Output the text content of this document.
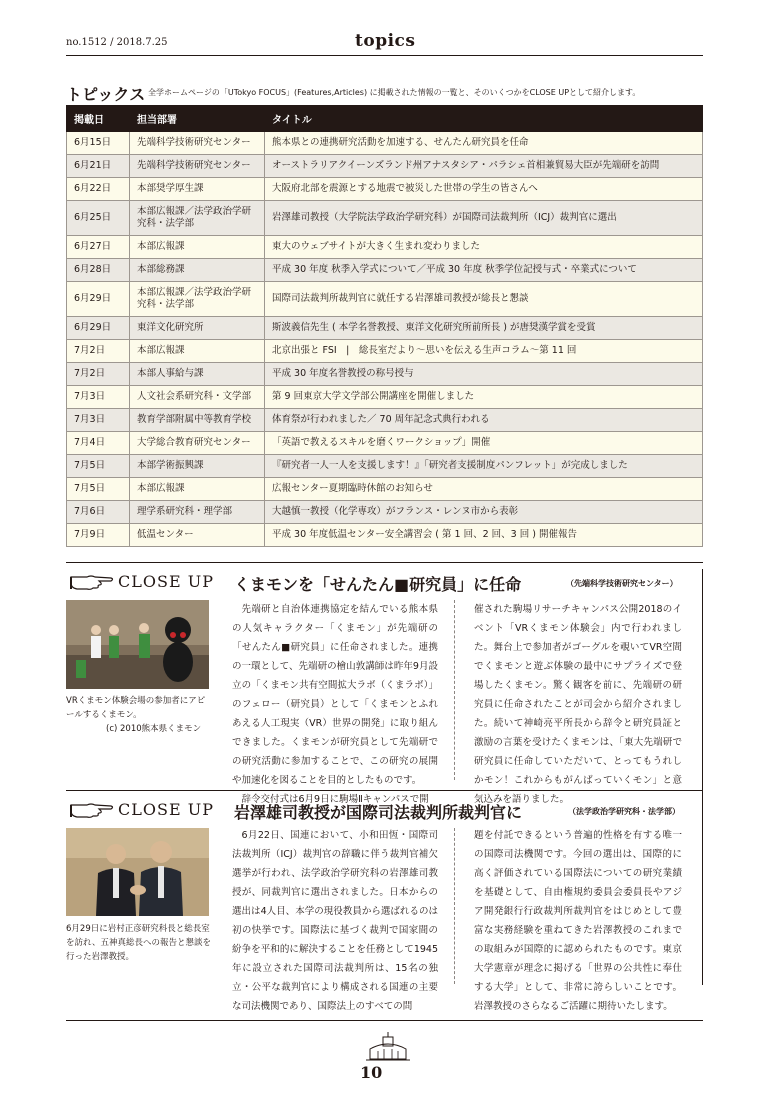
no.1512 / 2018.7.25	topics
トピックス 全学ホームページの「UTokyo FOCUS」(Features,Articles) に掲載された情報の一覧と、そのいくつかをCLOSE UPとして紹介します。
掲載日	担当部署	タイトル
6月15日	先端科学技術研究センター	熊本県との連携研究活動を加速する、せんたん研究員を任命
6月21日	先端科学技術研究センター	オーストラリアクイーンズランド州アナスタシア・パラシェ首相兼貿易大臣が先端研を訪問
6月22日	本部奨学厚生課	大阪府北部を震源とする地震で被災した世帯の学生の皆さんへ
6月25日	本部広報課／法学政治学研究科・法学部	岩澤雄司教授（大学院法学政治学研究科）が国際司法裁判所（ICJ）裁判官に選出
6月27日	本部広報課	東大のウェブサイトが大きく生まれ変わりました
6月28日	本部総務課	平成 30 年度 秋季入学式について／平成 30 年度 秋季学位記授与式・卒業式について
6月29日	本部広報課／法学政治学研究科・法学部	国際司法裁判所裁判官に就任する岩澤雄司教授が総長と懇談
6月29日	東洋文化研究所	斯波義信先生 ( 本学名誉教授、東洋文化研究所前所長 ) が唐奨漢学賞を受賞
7月2日	本部広報課	北京出張と FSI　|　総長室だより～思いを伝える生声コラム～第 11 回
7月2日	本部人事給与課	平成 30 年度名誉教授の称号授与
7月3日	人文社会系研究科・文学部	第 9 回東京大学文学部公開講座を開催しました
7月3日	教育学部附属中等教育学校	体育祭が行われました／ 70 周年記念式典行われる
7月4日	大学総合教育研究センター	「英語で教えるスキルを磨くワークショップ」開催
7月5日	本部学術振興課	『研究者一人一人を支援します！』「研究者支援制度パンフレット」が完成しました
7月5日	本部広報課	広報センター夏期臨時休館のお知らせ
7月6日	理学系研究科・理学部	大越慎一教授（化学専攻）がフランス・レンヌ市から表彰
7月9日	低温センター	平成 30 年度低温センター安全講習会 ( 第 1 回、2 回、3 回 ) 開催報告
CLOSE UP くまモンを「せんたん■研究員」に任命	（先端科学技術研究センター）
VRくまモン体験会場の参加者にアピールするくまモン。
(c) 2010熊本県くまモン
先端研と自治体連携協定を結んでいる熊本県の人気キャラクター「くまモン」が先端研の「せんたん■研究員」に任命されました。連携の一環として、先端研の檜山敦講師は昨年9月設立の「くまモン共有空間拡大ラボ（くまラボ）」のフェロー（研究員）として「くまモンとふれあえる人工現実（VR）世界の開発」に取り組んできました。くまモンが研究員として先端研での研究活動に参加することで、この研究の展開や加速化を図ることを目的としたものです。
辞令交付式は6月9日に駒場Ⅱキャンパスで開
催された駒場リサーチキャンパス公開2018のイベント「VRくまモン体験会」内で行われました。舞台上で参加者がゴーグルを覗いてVR空間でくまモンと遊ぶ体験の最中にサプライズで登場したくまモン。驚く観客を前に、先端研の研究員に任命されたことが司会から紹介されました。続いて神崎亮平所長から辞令と研究員証と激励の言葉を受けたくまモンは、「東大先端研で研究員に任命していただいて、とってもうれしかモン！これからもがんばっていくモン」と意気込みを語りました。
CLOSE UP 岩澤雄司教授が国際司法裁判所裁判官に	（法学政治学研究科・法学部）
6月29日に岩村正彦研究科長と総長室を訪れ、五神真総長への報告と懇談を行った岩澤教授。
6月22日、国連において、小和田恆・国際司法裁判所（ICJ）裁判官の辞職に伴う裁判官補欠選挙が行われ、法学政治学研究科の岩澤雄司教授が、同裁判官に選出されました。日本からの選出は4人目、本学の現役教員から選ばれるのは初の快挙です。国際法に基づく裁判で国家間の紛争を平和的に解決することを任務として1945年に設立された国際司法裁判所は、15名の独立・公平な裁判官により構成される国連の主要な司法機関であり、国際法上のすべての問
題を付託できるという普遍的性格を有する唯一の国際司法機関です。今回の選出は、国際的に高く評価されている国際法についての研究業績を基礎として、自由権規約委員会委員長やアジア開発銀行行政裁判所裁判官をはじめとして豊富な実務経験を重ねてきた岩澤教授のこれまでの取組みが国際的に認められたものです。東京大学憲章が理念に掲げる「世界の公共性に奉仕する大学」として、非常に誇らしいことです。岩澤教授のさらなるご活躍に期待いたします。
10
